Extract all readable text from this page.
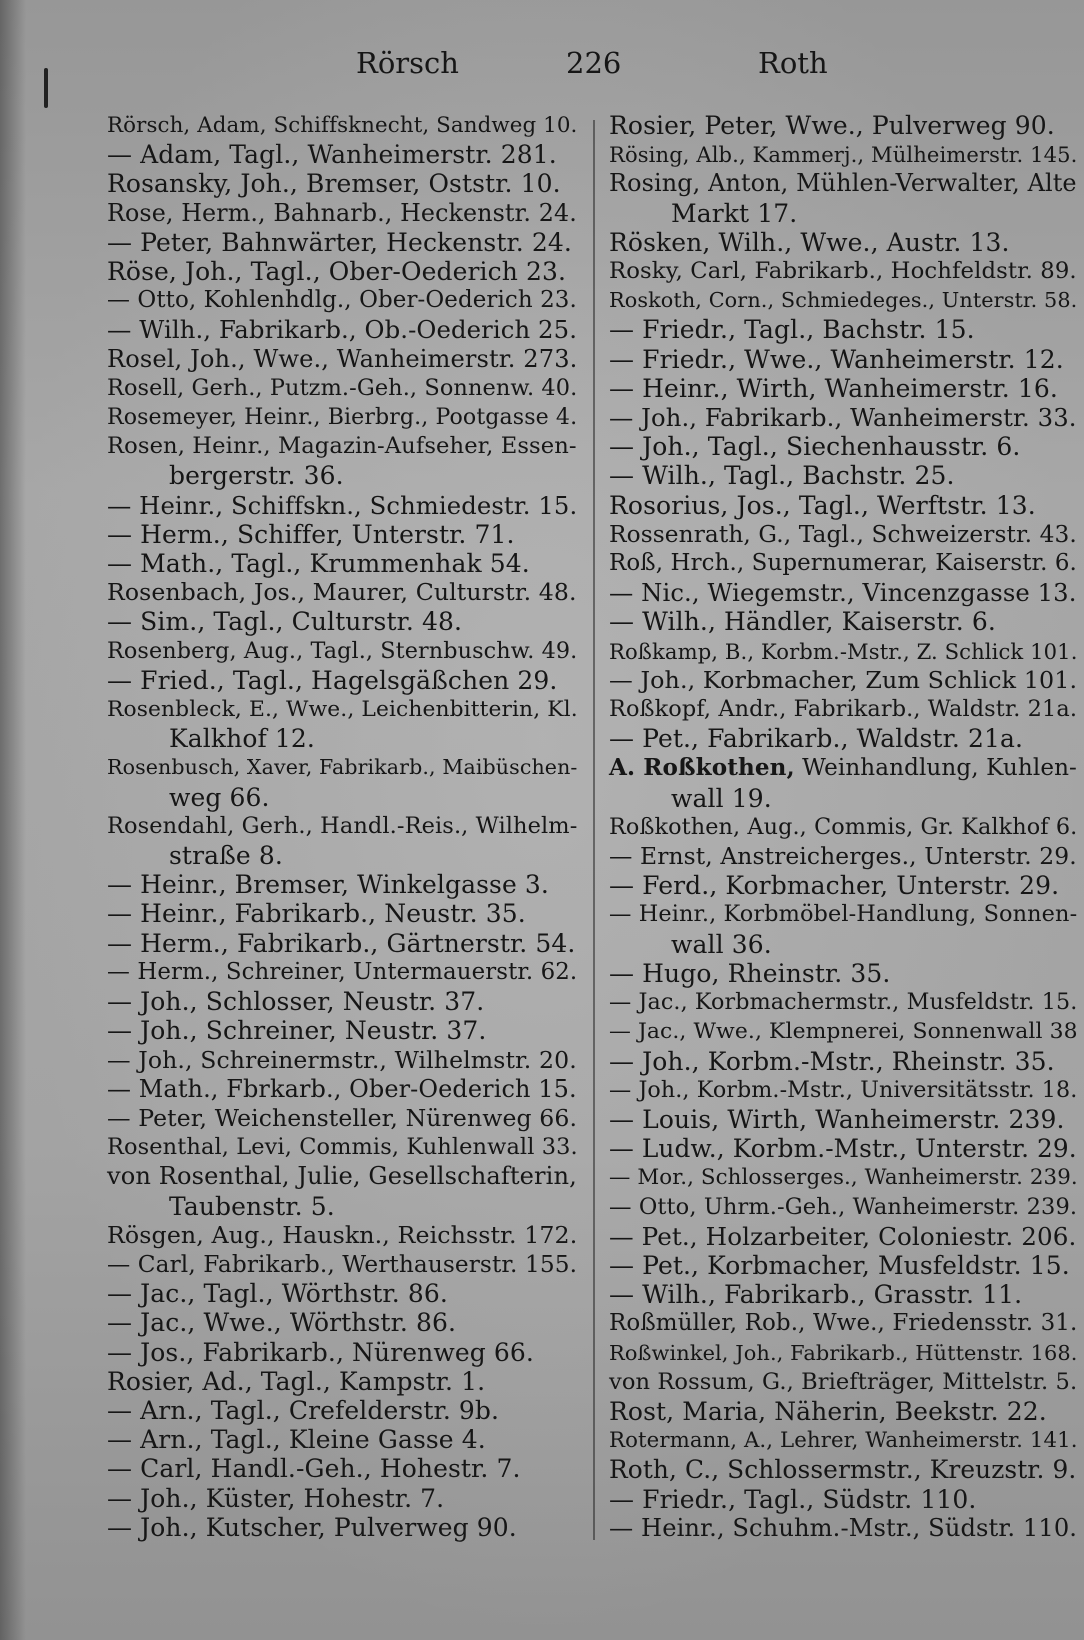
Rörsch	226	Roth
Rörsch, Adam, Schiffsknecht, Sandweg 10.
— Adam, Tagl., Wanheimerstr. 281.
Rosansky, Joh., Bremser, Oststr. 10.
Rose, Herm., Bahnarb., Heckenstr. 24.
— Peter, Bahnwärter, Heckenstr. 24.
Röse, Joh., Tagl., Ober-Oederich 23.
— Otto, Kohlenhdlg., Ober-Oederich 23.
— Wilh., Fabrikarb., Ob.-Oederich 25.
Rosel, Joh., Wwe., Wanheimerstr. 273.
Rosell, Gerh., Putzm.-Geh., Sonnenw. 40.
Rosemeyer, Heinr., Bierbrg., Pootgasse 4.
Rosen, Heinr., Magazin-Aufseher, Essen-
bergerstr. 36.
— Heinr., Schiffskn., Schmiedestr. 15.
— Herm., Schiffer, Unterstr. 71.
— Math., Tagl., Krummenhak 54.
Rosenbach, Jos., Maurer, Culturstr. 48.
— Sim., Tagl., Culturstr. 48.
Rosenberg, Aug., Tagl., Sternbuschw. 49.
— Fried., Tagl., Hagelsgäßchen 29.
Rosenbleck, E., Wwe., Leichenbitterin, Kl.
Kalkhof 12.
Rosenbusch, Xaver, Fabrikarb., Maibüschen-
weg 66.
Rosendahl, Gerh., Handl.-Reis., Wilhelm-
straße 8.
— Heinr., Bremser, Winkelgasse 3.
— Heinr., Fabrikarb., Neustr. 35.
— Herm., Fabrikarb., Gärtnerstr. 54.
— Herm., Schreiner, Untermauerstr. 62.
— Joh., Schlosser, Neustr. 37.
— Joh., Schreiner, Neustr. 37.
— Joh., Schreinermstr., Wilhelmstr. 20.
— Math., Fbrkarb., Ober-Oederich 15.
— Peter, Weichensteller, Nürenweg 66.
Rosenthal, Levi, Commis, Kuhlenwall 33.
von Rosenthal, Julie, Gesellschafterin,
Taubenstr. 5.
Rösgen, Aug., Hauskn., Reichsstr. 172.
— Carl, Fabrikarb., Werthauserstr. 155.
— Jac., Tagl., Wörthstr. 86.
— Jac., Wwe., Wörthstr. 86.
— Jos., Fabrikarb., Nürenweg 66.
Rosier, Ad., Tagl., Kampstr. 1.
— Arn., Tagl., Crefelderstr. 9b.
— Arn., Tagl., Kleine Gasse 4.
— Carl, Handl.-Geh., Hohestr. 7.
— Joh., Küster, Hohestr. 7.
— Joh., Kutscher, Pulverweg 90.
Rosier, Peter, Wwe., Pulverweg 90.
Rösing, Alb., Kammerj., Mülheimerstr. 145.
Rosing, Anton, Mühlen-Verwalter, Alte
Markt 17.
Rösken, Wilh., Wwe., Austr. 13.
Rosky, Carl, Fabrikarb., Hochfeldstr. 89.
Roskoth, Corn., Schmiedeges., Unterstr. 58.
— Friedr., Tagl., Bachstr. 15.
— Friedr., Wwe., Wanheimerstr. 12.
— Heinr., Wirth, Wanheimerstr. 16.
— Joh., Fabrikarb., Wanheimerstr. 33.
— Joh., Tagl., Siechenhausstr. 6.
— Wilh., Tagl., Bachstr. 25.
Rosorius, Jos., Tagl., Werftstr. 13.
Rossenrath, G., Tagl., Schweizerstr. 43.
Roß, Hrch., Supernumerar, Kaiserstr. 6.
— Nic., Wiegemstr., Vincenzgasse 13.
— Wilh., Händler, Kaiserstr. 6.
Roßkamp, B., Korbm.-Mstr., Z. Schlick 101.
— Joh., Korbmacher, Zum Schlick 101.
Roßkopf, Andr., Fabrikarb., Waldstr. 21a.
— Pet., Fabrikarb., Waldstr. 21a.
A. Roßkothen, Weinhandlung, Kuhlen-
wall 19.
Roßkothen, Aug., Commis, Gr. Kalkhof 6.
— Ernst, Anstreicherges., Unterstr. 29.
— Ferd., Korbmacher, Unterstr. 29.
— Heinr., Korbmöbel-Handlung, Sonnen-
wall 36.
— Hugo, Rheinstr. 35.
— Jac., Korbmachermstr., Musfeldstr. 15.
— Jac., Wwe., Klempnerei, Sonnenwall 38
— Joh., Korbm.-Mstr., Rheinstr. 35.
— Joh., Korbm.-Mstr., Universitätsstr. 18.
— Louis, Wirth, Wanheimerstr. 239.
— Ludw., Korbm.-Mstr., Unterstr. 29.
— Mor., Schlosserges., Wanheimerstr. 239.
— Otto, Uhrm.-Geh., Wanheimerstr. 239.
— Pet., Holzarbeiter, Coloniestr. 206.
— Pet., Korbmacher, Musfeldstr. 15.
— Wilh., Fabrikarb., Grasstr. 11.
Roßmüller, Rob., Wwe., Friedensstr. 31.
Roßwinkel, Joh., Fabrikarb., Hüttenstr. 168.
von Rossum, G., Briefträger, Mittelstr. 5.
Rost, Maria, Näherin, Beekstr. 22.
Rotermann, A., Lehrer, Wanheimerstr. 141.
Roth, C., Schlossermstr., Kreuzstr. 9.
— Friedr., Tagl., Südstr. 110.
— Heinr., Schuhm.-Mstr., Südstr. 110.
